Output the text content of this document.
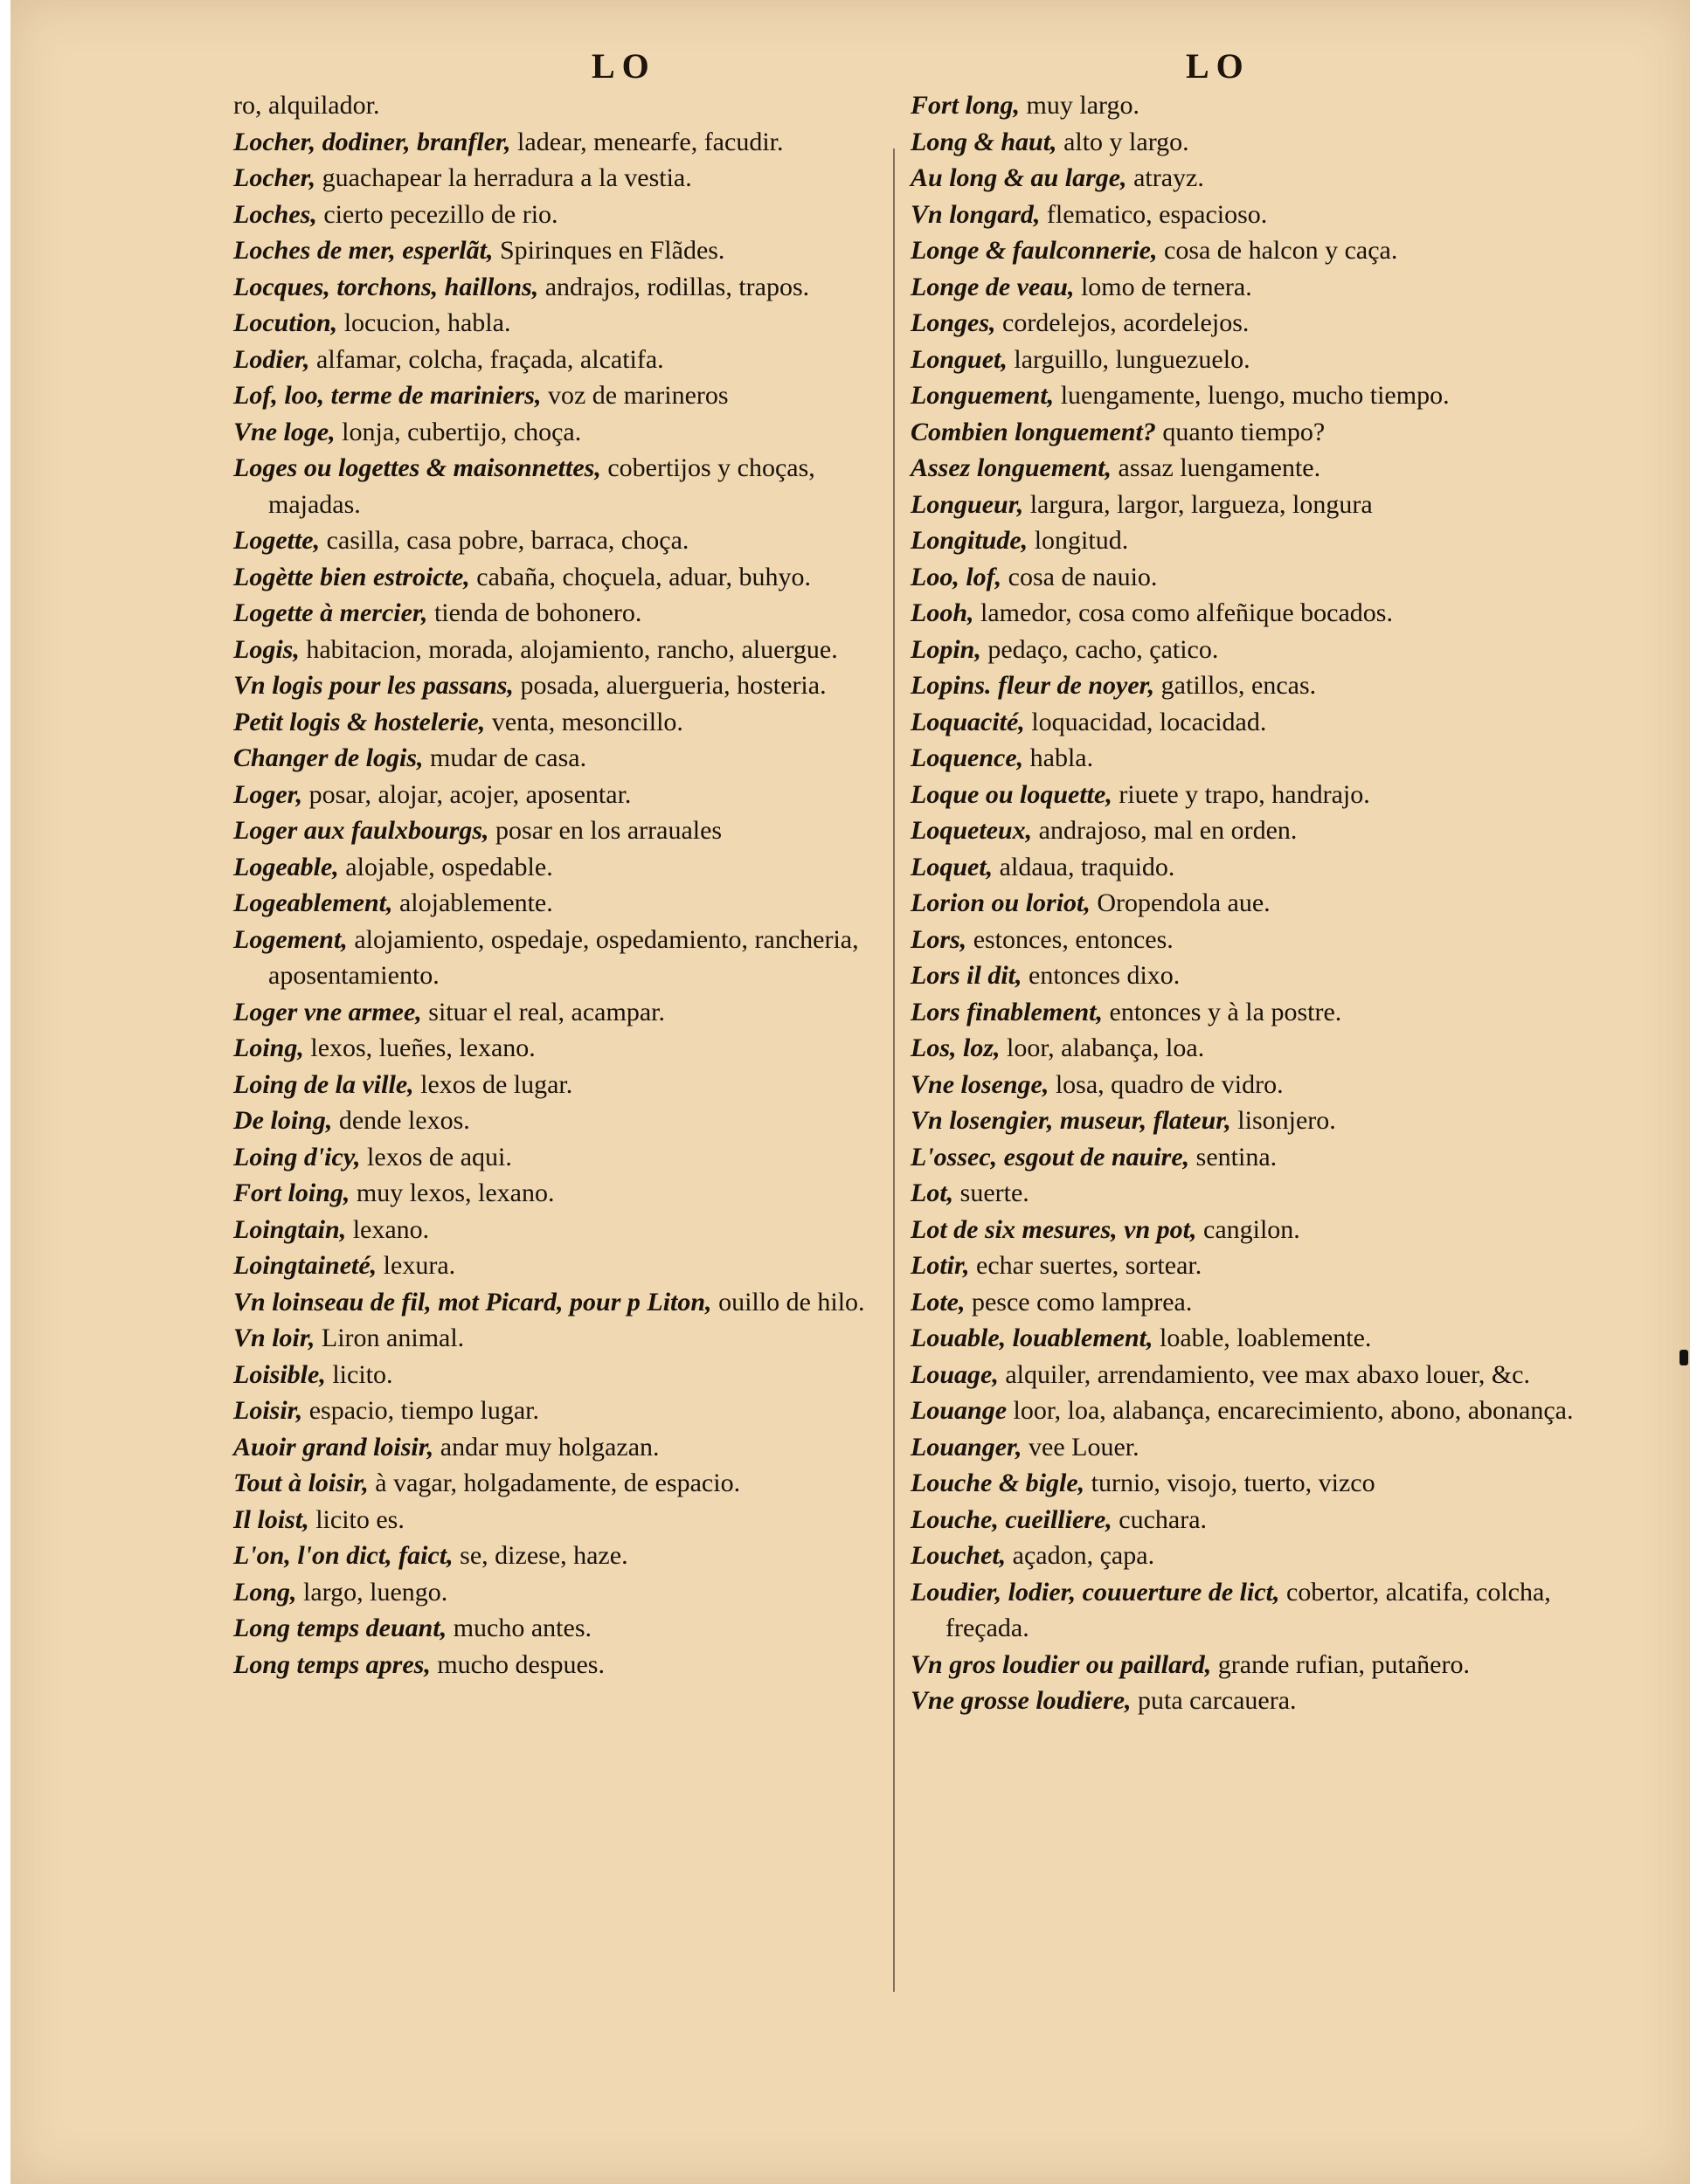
LO	LO
ro, alquilador.
Locher, dodiner, branfler, ladear, menearfe, facudir.
Locher, guachapear la herradura a la vestia.
Loches, cierto pecezillo de rio.
Loches de mer, esperlãt, Spirinques en Flãdes.
Locques, torchons, haillons, andrajos, rodillas, trapos.
Locution, locucion, habla.
Lodier, alfamar, colcha, fraçada, alcatifa.
Lof, loo, terme de mariniers, voz de marineros
Vne loge, lonja, cubertijo, choça.
Loges ou logettes & maisonnettes, cobertijos y choças, majadas.
Logette, casilla, casa pobre, barraca, choça.
Logètte bien estroicte, cabaña, choçuela, aduar, buhyo.
Logette à mercier, tienda de bohonero.
Logis, habitacion, morada, alojamiento, rancho, aluergue.
Vn logis pour les passans, posada, aluergueria, hosteria.
Petit logis & hostelerie, venta, mesoncillo.
Changer de logis, mudar de casa.
Loger, posar, alojar, acojer, aposentar.
Loger aux faulxbourgs, posar en los arrauales
Logeable, alojable, ospedable.
Logeablement, alojablemente.
Logement, alojamiento, ospedaje, ospedamiento, rancheria, aposentamiento.
Loger vne armee, situar el real, acampar.
Loing, lexos, lueñes, lexano.
Loing de la ville, lexos de lugar.
De loing, dende lexos.
Loing d'icy, lexos de aqui.
Fort loing, muy lexos, lexano.
Loingtain, lexano.
Loingtaineté, lexura.
Vn loinseau de fil, mot Picard, pour p Liton, ouillo de hilo.
Vn loir, Liron animal.
Loisible, licito.
Loisir, espacio, tiempo lugar.
Auoir grand loisir, andar muy holgazan.
Tout à loisir, à vagar, holgadamente, de espacio.
Il loist, licito es.
L'on, l'on dict, faict, se, dizese, haze.
Long, largo, luengo.
Long temps deuant, mucho antes.
Long temps apres, mucho despues.
Fort long, muy largo.
Long & haut, alto y largo.
Au long & au large, atrayz.
Vn longard, flematico, espacioso.
Longe & faulconnerie, cosa de halcon y caça.
Longe de veau, lomo de ternera.
Longes, cordelejos, acordelejos.
Longuet, larguillo, lunguezuelo.
Longuement, luengamente, luengo, mucho tiempo.
Combien longuement? quanto tiempo?
Assez longuement, assaz luengamente.
Longueur, largura, largor, largueza, longura
Longitude, longitud.
Loo, lof, cosa de nauio.
Looh, lamedor, cosa como alfeñique bocados.
Lopin, pedaço, cacho, çatico.
Lopins. fleur de noyer, gatillos, encas.
Loquacité, loquacidad, locacidad.
Loquence, habla.
Loque ou loquette, riuete y trapo, handrajo.
Loqueteux, andrajoso, mal en orden.
Loquet, aldaua, traquido.
Lorion ou loriot, Oropendola aue.
Lors, estonces, entonces.
Lors il dit, entonces dixo.
Lors finablement, entonces y à la postre.
Los, loz, loor, alabança, loa.
Vne losenge, losa, quadro de vidro.
Vn losengier, museur, flateur, lisonjero.
L'ossec, esgout de nauire, sentina.
Lot, suerte.
Lot de six mesures, vn pot, cangilon.
Lotir, echar suertes, sortear.
Lote, pesce como lamprea.
Louable, louablement, loable, loablemente.
Louage, alquiler, arrendamiento, vee max abaxo louer, &c.
Louange loor, loa, alabança, encarecimiento, abono, abonança.
Louanger, vee Louer.
Louche & bigle, turnio, visojo, tuerto, vizco
Louche, cueilliere, cuchara.
Louchet, açadon, çapa.
Loudier, lodier, couuerture de lict, cobertor, alcatifa, colcha, freçada.
Vn gros loudier ou paillard, grande rufian, putañero.
Vne grosse loudiere, puta carcauera.
